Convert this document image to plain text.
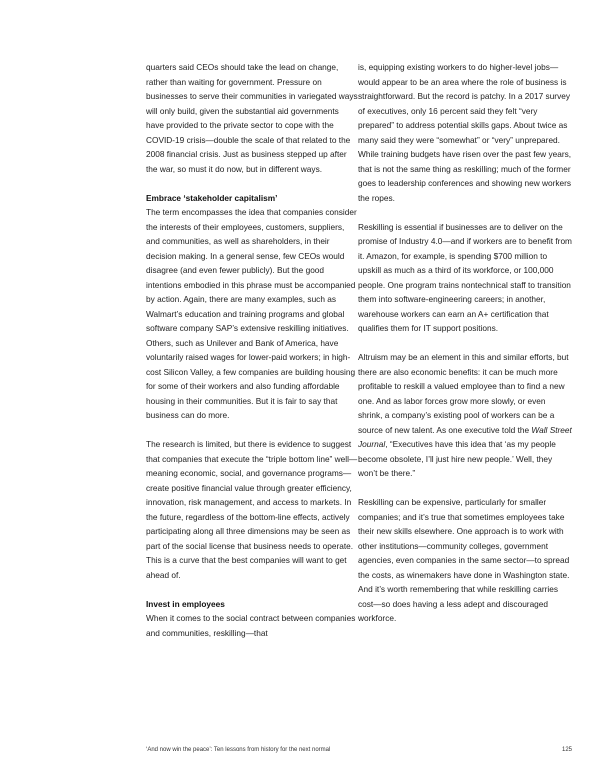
quarters said CEOs should take the lead on change, rather than waiting for government. Pressure on businesses to serve their communities in variegated ways will only build, given the substantial aid governments have provided to the private sector to cope with the COVID-19 crisis—double the scale of that related to the 2008 financial crisis. Just as business stepped up after the war, so must it do now, but in different ways.

Embrace ‘stakeholder capitalism’

The term encompasses the idea that companies consider the interests of their employees, customers, suppliers, and communities, as well as shareholders, in their decision making. In a general sense, few CEOs would disagree (and even fewer publicly). But the good intentions embodied in this phrase must be accompanied by action. Again, there are many examples, such as Walmart’s education and training programs and global software company SAP’s extensive reskilling initiatives. Others, such as Unilever and Bank of America, have voluntarily raised wages for lower-paid workers; in high-cost Silicon Valley, a few companies are building housing for some of their workers and also funding affordable housing in their communities. But it is fair to say that business can do more.

The research is limited, but there is evidence to suggest that companies that execute the “triple bottom line” well—meaning economic, social, and governance programs—create positive financial value through greater efficiency, innovation, risk management, and access to markets. In the future, regardless of the bottom-line effects, actively participating along all three dimensions may be seen as part of the social license that business needs to operate. This is a curve that the best companies will want to get ahead of.

Invest in employees

When it comes to the social contract between companies and communities, reskilling—that

is, equipping existing workers to do higher-level jobs—would appear to be an area where the role of business is straightforward. But the record is patchy. In a 2017 survey of executives, only 16 percent said they felt “very prepared” to address potential skills gaps. About twice as many said they were “somewhat” or “very” unprepared. While training budgets have risen over the past few years, that is not the same thing as reskilling; much of the former goes to leadership conferences and showing new workers the ropes.

Reskilling is essential if businesses are to deliver on the promise of Industry 4.0—and if workers are to benefit from it. Amazon, for example, is spending $700 million to upskill as much as a third of its workforce, or 100,000 people. One program trains nontechnical staff to transition them into software-engineering careers; in another, warehouse workers can earn an A+ certification that qualifies them for IT support positions.

Altruism may be an element in this and similar efforts, but there are also economic benefits: it can be much more profitable to reskill a valued employee than to find a new one. And as labor forces grow more slowly, or even shrink, a company’s existing pool of workers can be a source of new talent. As one executive told the Wall Street Journal, “Executives have this idea that ‘as my people become obsolete, I’ll just hire new people.’ Well, they won’t be there.”

Reskilling can be expensive, particularly for smaller companies; and it’s true that sometimes employees take their new skills elsewhere. One approach is to work with other institutions—community colleges, government agencies, even companies in the same sector—to spread the costs, as winemakers have done in Washington state. And it’s worth remembering that while reskilling carries cost—so does having a less adept and discouraged workforce.

‘And now win the peace’: Ten lessons from history for the next normal	125
